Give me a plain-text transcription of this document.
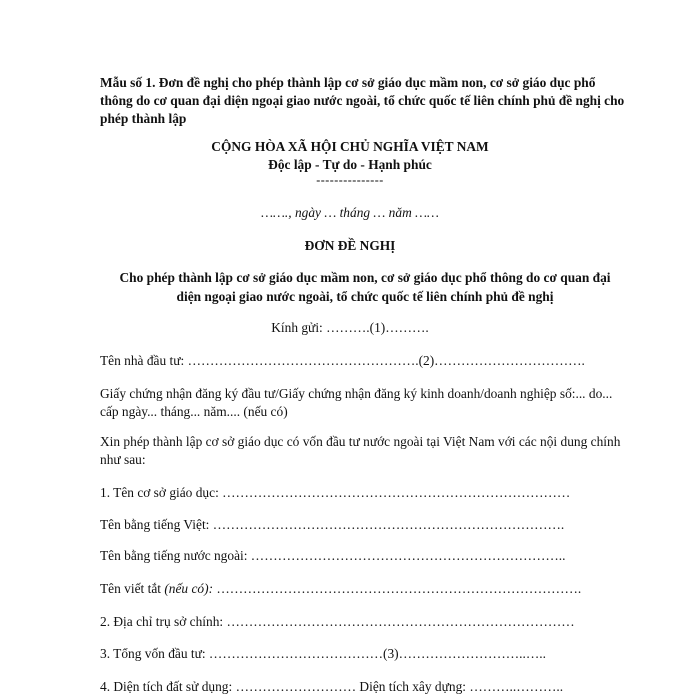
Mẫu số 1. Đơn đề nghị cho phép thành lập cơ sở giáo dục mầm non, cơ sở giáo dục phổ thông do cơ quan đại diện ngoại giao nước ngoài, tổ chức quốc tế liên chính phủ đề nghị cho phép thành lập

CỘNG HÒA XÃ HỘI CHỦ NGHĨA VIỆT NAM
Độc lập - Tự do - Hạnh phúc
---------------
……., ngày … tháng … năm ……
ĐƠN ĐỀ NGHỊ

Cho phép thành lập cơ sở giáo dục mầm non, cơ sở giáo dục phổ thông do cơ quan đại diện ngoại giao nước ngoài, tổ chức quốc tế liên chính phủ đề nghị

Kính gửi: ……….(1)……….

Tên nhà đầu tư: …………………………………………….(2)…………………………….

Giấy chứng nhận đăng ký đầu tư/Giấy chứng nhận đăng ký kinh doanh/doanh nghiệp số:... do... cấp ngày... tháng... năm.... (nếu có)

Xin phép thành lập cơ sở giáo dục có vốn đầu tư nước ngoài tại Việt Nam với các nội dung chính như sau:

1. Tên cơ sở giáo dục: ……………………………………………………………………

Tên bằng tiếng Việt: …………………………………………………………………….

Tên bằng tiếng nước ngoài: ……………………………………………………………..

Tên viết tắt (nếu có): ……………………………………………………………………….

2. Địa chỉ trụ sở chính: ……………………………………………………………………

3. Tổng vốn đầu tư: …………………………………(3)………………………..…..

4. Diện tích đất sử dụng: ……………………… Diện tích xây dựng: ………..………..
